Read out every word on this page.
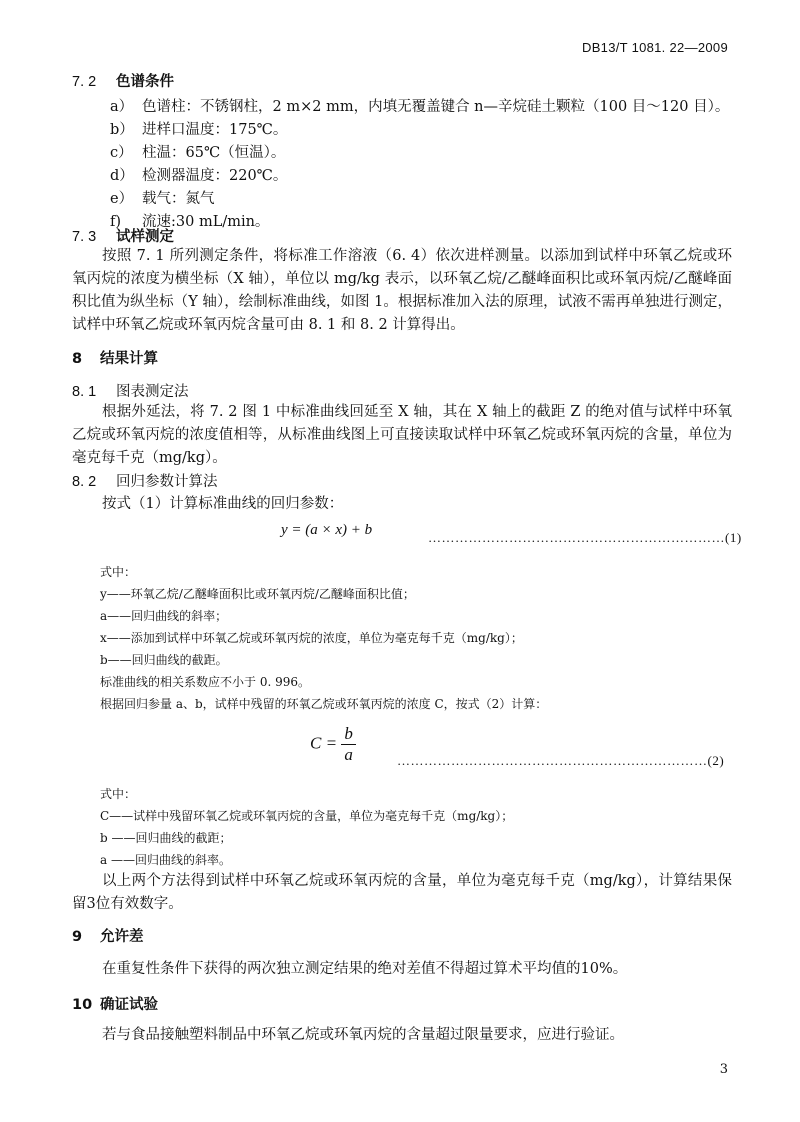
DB13/T 1081. 22—2009
7. 2 色谱条件
a） 色谱柱：不锈钢柱，2 m×2 mm，内填无覆盖键合 n—辛烷硅土颗粒（100 目～120 目）。
b） 进样口温度：175℃。
c） 柱温：65℃（恒温）。
d） 检测器温度：220℃。
e） 载气：氮气
f) 流速:30 mL/min。
7. 3 试样测定
按照 7. 1 所列测定条件，将标准工作溶液（6. 4）依次进样测量。以添加到试样中环氧乙烷或环氧丙烷的浓度为横坐标（X 轴），单位以 mg/kg 表示，以环氧乙烷/乙醚峰面积比或环氧丙烷/乙醚峰面积比值为纵坐标（Y 轴），绘制标准曲线，如图 1。根据标准加入法的原理，试液不需再单独进行测定，试样中环氧乙烷或环氧丙烷含量可由 8. 1 和 8. 2 计算得出。
8 结果计算
8. 1 图表测定法
根据外延法，将 7. 2 图 1 中标准曲线回延至 X 轴，其在 X 轴上的截距 Z 的绝对值与试样中环氧乙烷或环氧丙烷的浓度值相等，从标准曲线图上可直接读取试样中环氧乙烷或环氧丙烷的含量，单位为毫克每千克（mg/kg）。
8. 2 回归参数计算法
按式（1）计算标准曲线的回归参数：
y = (a × x) + b	…………………………………………………………(1)
式中：
y——环氧乙烷/乙醚峰面积比或环氧丙烷/乙醚峰面积比值；
a——回归曲线的斜率；
x——添加到试样中环氧乙烷或环氧丙烷的浓度，单位为毫克每千克（mg/kg）；
b——回归曲线的截距。
标准曲线的相关系数应不小于 0. 996。
根据回归参量 a、b，试样中残留的环氧乙烷或环氧丙烷的浓度 C，按式（2）计算：
$C = \frac{b}{a}$	……………………………………………………………(2)
式中：
C——试样中残留环氧乙烷或环氧丙烷的含量，单位为毫克每千克（mg/kg）；
b ——回归曲线的截距；
a ——回归曲线的斜率。
以上两个方法得到试样中环氧乙烷或环氧丙烷的含量，单位为毫克每千克（mg/kg），计算结果保留3位有效数字。
9 允许差
在重复性条件下获得的两次独立测定结果的绝对差值不得超过算术平均值的10%。
10 确证试验
若与食品接触塑料制品中环氧乙烷或环氧丙烷的含量超过限量要求，应进行验证。
3
